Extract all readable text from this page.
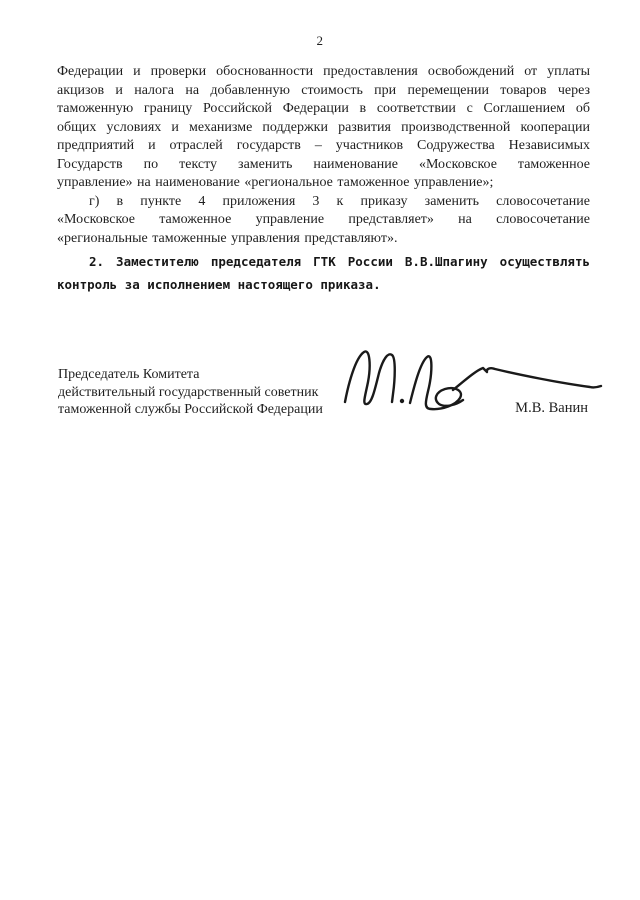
2
Федерации и проверки обоснованности предоставления освобождений от уплаты
акцизов и налога на добавленную стоимость при перемещении товаров через
таможенную границу Российской Федерации в соответствии с Соглашением об
общих условиях и механизме поддержки развития производственной кооперации
предприятий и отраслей государств – участников Содружества Независимых
Государств по тексту заменить наименование «Московское таможенное
управление» на наименование «региональное таможенное управление»;
г) в пункте 4 приложения 3 к приказу заменить словосочетание
«Московское таможенное управление представляет» на словосочетание
«региональные таможенные управления представляют».
2. Заместителю председателя ГТК России В.В.Шпагину осуществлять
контроль за исполнением настоящего приказа.
Председатель Комитета
действительный государственный советник
таможенной службы Российской Федерации	М.В. Ванин
